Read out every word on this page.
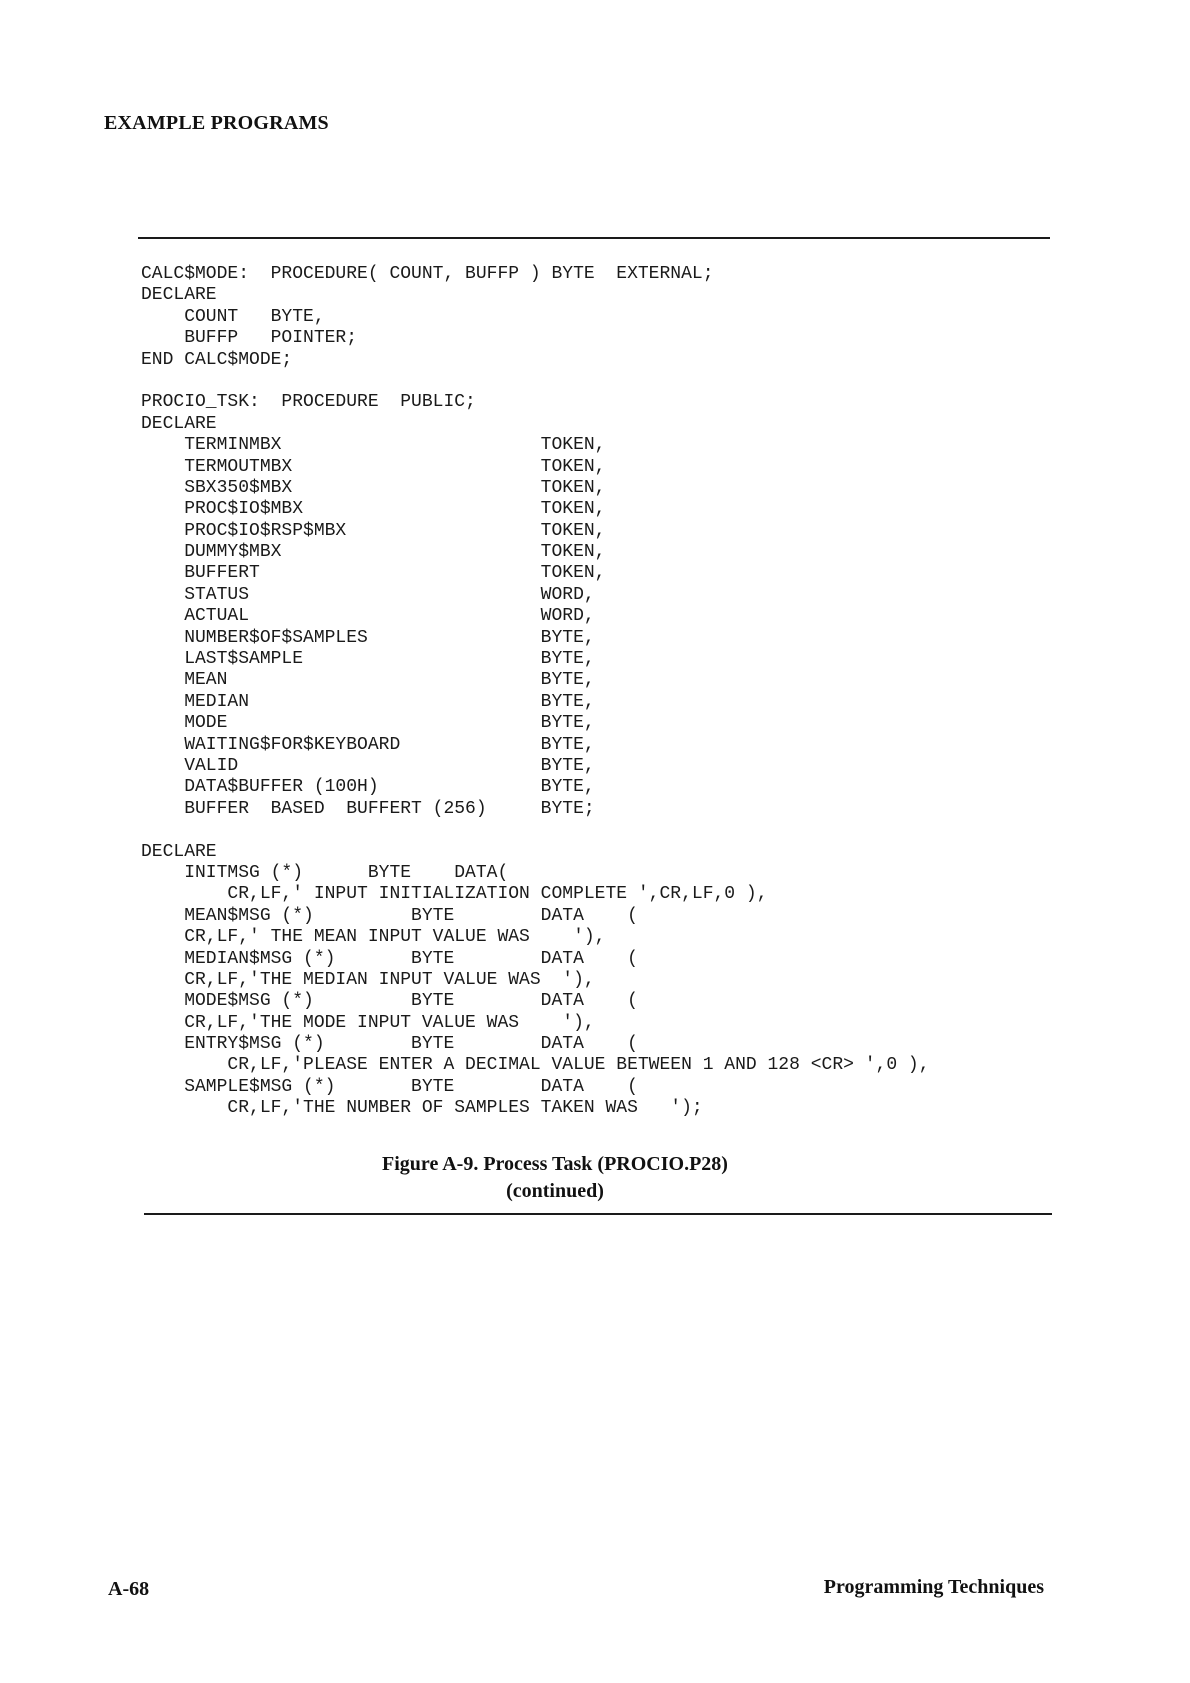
EXAMPLE PROGRAMS
CALC$MODE:  PROCEDURE( COUNT, BUFFP ) BYTE  EXTERNAL;
DECLARE
COUNT   BYTE,
BUFFP   POINTER;
END CALC$MODE;
PROCIO_TSK:  PROCEDURE  PUBLIC;
DECLARE
TERMINMBX                        TOKEN,
TERMOUTMBX                       TOKEN,
SBX350$MBX                       TOKEN,
PROC$IO$MBX                      TOKEN,
PROC$IO$RSP$MBX                  TOKEN,
DUMMY$MBX                        TOKEN,
BUFFERT                          TOKEN,
STATUS                           WORD,
ACTUAL                           WORD,
NUMBER$OF$SAMPLES                BYTE,
LAST$SAMPLE                      BYTE,
MEAN                             BYTE,
MEDIAN                           BYTE,
MODE                             BYTE,
WAITING$FOR$KEYBOARD             BYTE,
VALID                            BYTE,
DATA$BUFFER (100H)               BYTE,
BUFFER  BASED  BUFFERT (256)     BYTE;
DECLARE
INITMSG (*)      BYTE    DATA(
CR,LF,' INPUT INITIALIZATION COMPLETE ',CR,LF,0 ),
MEAN$MSG (*)         BYTE        DATA    (
CR,LF,' THE MEAN INPUT VALUE WAS    '),
MEDIAN$MSG (*)       BYTE        DATA    (
CR,LF,'THE MEDIAN INPUT VALUE WAS  '),
MODE$MSG (*)         BYTE        DATA    (
CR,LF,'THE MODE INPUT VALUE WAS    '),
ENTRY$MSG (*)        BYTE        DATA    (
CR,LF,'PLEASE ENTER A DECIMAL VALUE BETWEEN 1 AND 128 <CR> ',0 ),
SAMPLE$MSG (*)       BYTE        DATA    (
CR,LF,'THE NUMBER OF SAMPLES TAKEN WAS   ');

Figure A-9. Process Task (PROCIO.P28)

(continued)

A-68	Programming Techniques
